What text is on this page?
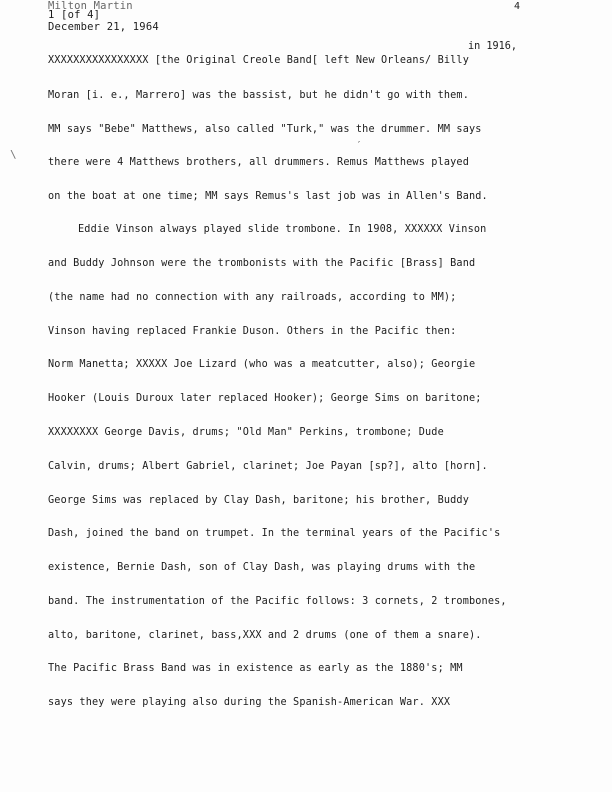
Milton Martin
1 [of 4]
December 21, 1964
4
\
′
in 1916,
XXXXXXXXXXXXXXXX [the Original Creole Band[ left New Orleans/ Billy
Moran [i. e., Marrero] was the bassist, but he didn't go with them.
MM says "Bebe" Matthews, also called "Turk," was the drummer. MM says
there were 4 Matthews brothers, all drummers. Remus Matthews played
on the boat at one time; MM says Remus's last job was in Allen's Band.
Eddie Vinson always played slide trombone. In 1908, XXXXXX Vinson
and Buddy Johnson were the trombonists with the Pacific [Brass] Band
(the name had no connection with any railroads, according to MM);
Vinson having replaced Frankie Duson. Others in the Pacific then:
Norm Manetta; XXXXX Joe Lizard (who was a meatcutter, also); Georgie
Hooker (Louis Duroux later replaced Hooker); George Sims on baritone;
XXXXXXXX George Davis, drums; "Old Man" Perkins, trombone; Dude
Calvin, drums; Albert Gabriel, clarinet; Joe Payan [sp?], alto [horn].
George Sims was replaced by Clay Dash, baritone; his brother, Buddy
Dash, joined the band on trumpet. In the terminal years of the Pacific's
existence, Bernie Dash, son of Clay Dash, was playing drums with the
band. The instrumentation of the Pacific follows: 3 cornets, 2 trombones,
alto, baritone, clarinet, bass,XXX and 2 drums (one of them a snare).
The Pacific Brass Band was in existence as early as the 1880's; MM
says they were playing also during the Spanish-American War. XXX
